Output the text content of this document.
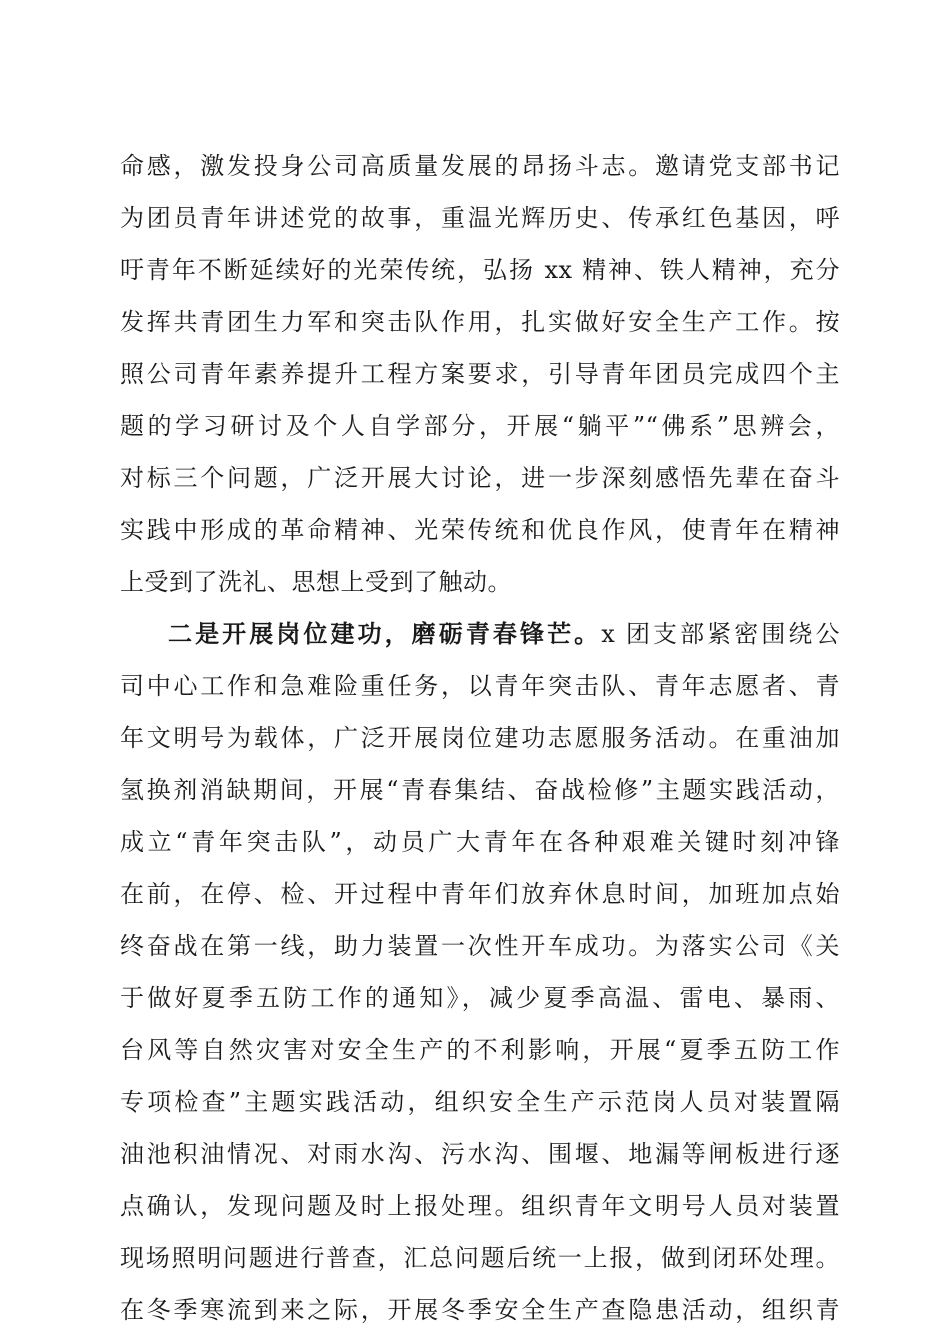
命感，激发投身公司高质量发展的昂扬斗志。邀请党支部书记
为团员青年讲述党的故事，重温光辉历史、传承红色基因，呼
吁青年不断延续好的光荣传统，弘扬 xx 精神、铁人精神，充分
发挥共青团生力军和突击队作用，扎实做好安全生产工作。按
照公司青年素养提升工程方案要求，引导青年团员完成四个主
题的学习研讨及个人自学部分，开展“躺平”“佛系”思辨会，
对标三个问题，广泛开展大讨论，进一步深刻感悟先辈在奋斗
实践中形成的革命精神、光荣传统和优良作风，使青年在精神
上受到了洗礼、思想上受到了触动。
二是开展岗位建功，磨砺青春锋芒。x 团支部紧密围绕公
司中心工作和急难险重任务，以青年突击队、青年志愿者、青
年文明号为载体，广泛开展岗位建功志愿服务活动。在重油加
氢换剂消缺期间，开展“青春集结、奋战检修”主题实践活动，
成立“青年突击队”，动员广大青年在各种艰难关键时刻冲锋
在前，在停、检、开过程中青年们放弃休息时间，加班加点始
终奋战在第一线，助力装置一次性开车成功。为落实公司《关
于做好夏季五防工作的通知》，减少夏季高温、雷电、暴雨、
台风等自然灾害对安全生产的不利影响，开展“夏季五防工作
专项检查”主题实践活动，组织安全生产示范岗人员对装置隔
油池积油情况、对雨水沟、污水沟、围堰、地漏等闸板进行逐
点确认，发现问题及时上报处理。组织青年文明号人员对装置
现场照明问题进行普查，汇总问题后统一上报，做到闭环处理。
在冬季寒流到来之际，开展冬季安全生产查隐患活动，组织青
